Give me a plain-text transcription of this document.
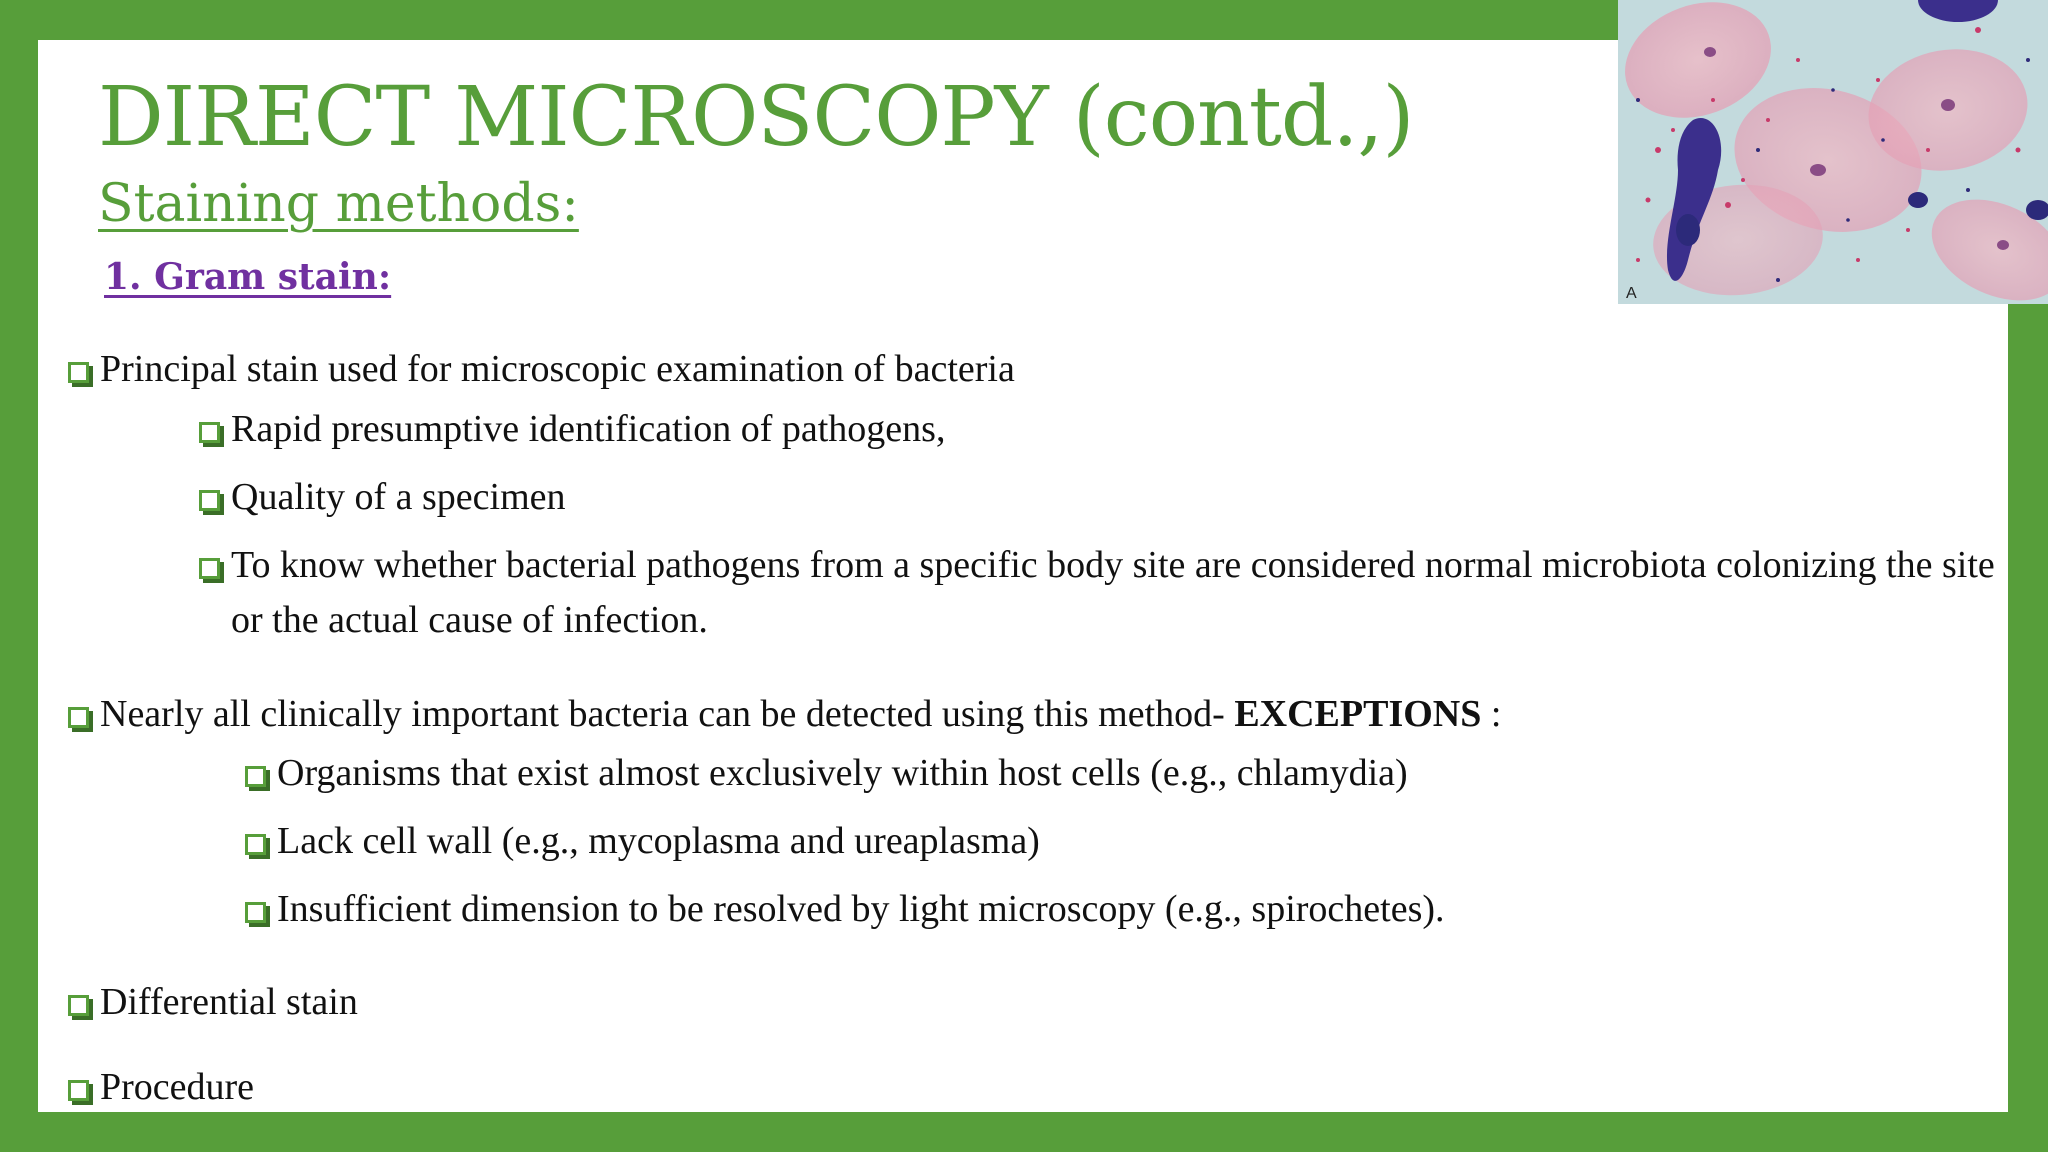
DIRECT MICROSCOPY (contd.,)
Staining methods:
1. Gram stain:
Principal stain used for microscopic examination of bacteria
Rapid presumptive identification of pathogens,
Quality of a specimen
To know whether bacterial pathogens from a specific body site are considered normal microbiota colonizing the site or the actual cause of infection.
Nearly all clinically important bacteria can be detected using this method- EXCEPTIONS :
Organisms that exist almost exclusively within host cells (e.g., chlamydia)
Lack cell wall (e.g., mycoplasma and ureaplasma)
Insufficient dimension to be resolved by light microscopy (e.g., spirochetes).
Differential stain
Procedure
A
